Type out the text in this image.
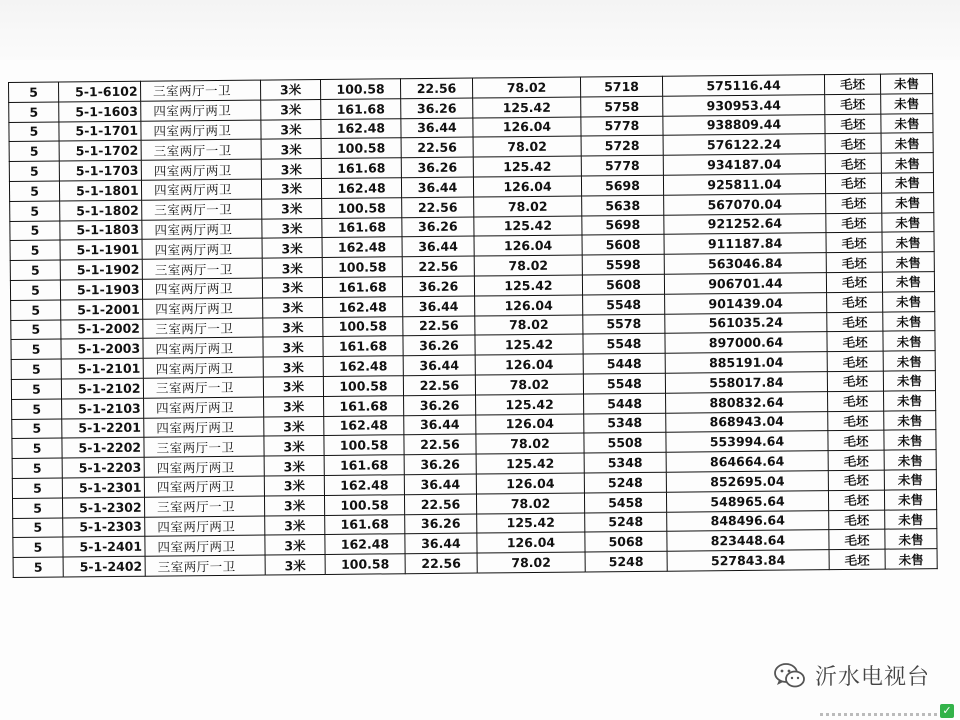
5	5-1-6102	三室两厅一卫	3米	100.58	22.56	78.02	5718	575116.44	毛坯	未售
5	5-1-1603	四室两厅两卫	3米	161.68	36.26	125.42	5758	930953.44	毛坯	未售
5	5-1-1701	四室两厅两卫	3米	162.48	36.44	126.04	5778	938809.44	毛坯	未售
5	5-1-1702	三室两厅一卫	3米	100.58	22.56	78.02	5728	576122.24	毛坯	未售
5	5-1-1703	四室两厅两卫	3米	161.68	36.26	125.42	5778	934187.04	毛坯	未售
5	5-1-1801	四室两厅两卫	3米	162.48	36.44	126.04	5698	925811.04	毛坯	未售
5	5-1-1802	三室两厅一卫	3米	100.58	22.56	78.02	5638	567070.04	毛坯	未售
5	5-1-1803	四室两厅两卫	3米	161.68	36.26	125.42	5698	921252.64	毛坯	未售
5	5-1-1901	四室两厅两卫	3米	162.48	36.44	126.04	5608	911187.84	毛坯	未售
5	5-1-1902	三室两厅一卫	3米	100.58	22.56	78.02	5598	563046.84	毛坯	未售
5	5-1-1903	四室两厅两卫	3米	161.68	36.26	125.42	5608	906701.44	毛坯	未售
5	5-1-2001	四室两厅两卫	3米	162.48	36.44	126.04	5548	901439.04	毛坯	未售
5	5-1-2002	三室两厅一卫	3米	100.58	22.56	78.02	5578	561035.24	毛坯	未售
5	5-1-2003	四室两厅两卫	3米	161.68	36.26	125.42	5548	897000.64	毛坯	未售
5	5-1-2101	四室两厅两卫	3米	162.48	36.44	126.04	5448	885191.04	毛坯	未售
5	5-1-2102	三室两厅一卫	3米	100.58	22.56	78.02	5548	558017.84	毛坯	未售
5	5-1-2103	四室两厅两卫	3米	161.68	36.26	125.42	5448	880832.64	毛坯	未售
5	5-1-2201	四室两厅两卫	3米	162.48	36.44	126.04	5348	868943.04	毛坯	未售
5	5-1-2202	三室两厅一卫	3米	100.58	22.56	78.02	5508	553994.64	毛坯	未售
5	5-1-2203	四室两厅两卫	3米	161.68	36.26	125.42	5348	864664.64	毛坯	未售
5	5-1-2301	四室两厅两卫	3米	162.48	36.44	126.04	5248	852695.04	毛坯	未售
5	5-1-2302	三室两厅一卫	3米	100.58	22.56	78.02	5458	548965.64	毛坯	未售
5	5-1-2303	四室两厅两卫	3米	161.68	36.26	125.42	5248	848496.64	毛坯	未售
5	5-1-2401	四室两厅两卫	3米	162.48	36.44	126.04	5068	823448.64	毛坯	未售
5	5-1-2402	三室两厅一卫	3米	100.58	22.56	78.02	5248	527843.84	毛坯	未售
沂水电视台
✓
